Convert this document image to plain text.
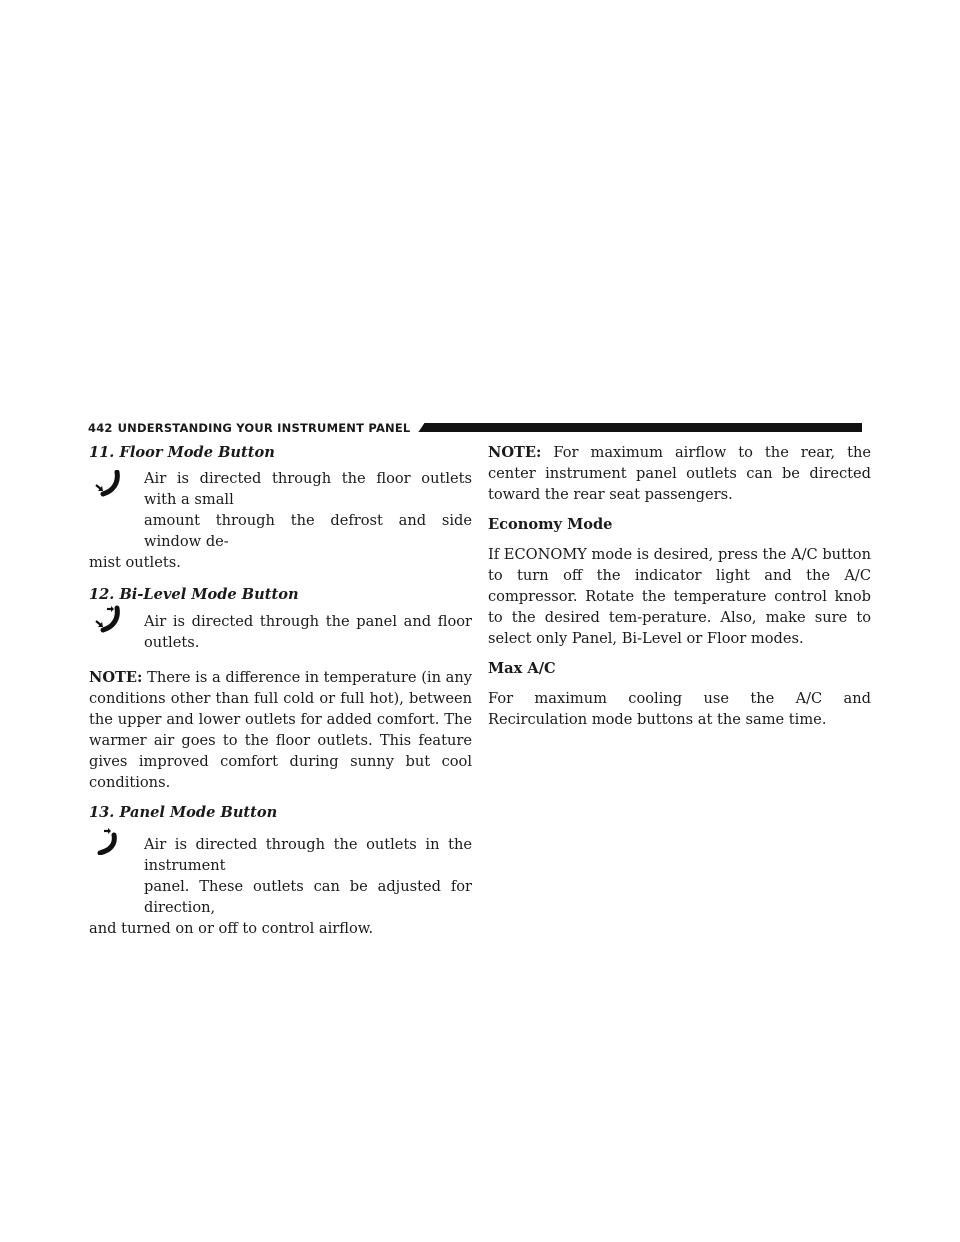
442 UNDERSTANDING YOUR INSTRUMENT PANEL
11. Floor Mode Button

Air is directed through the floor outlets with a small

amount through the defrost and side window de-

mist outlets.

12. Bi-Level Mode Button

Air is directed through the panel and floor outlets.

NOTE: There is a difference in temperature (in any conditions other than full cold or full hot), between the upper and lower outlets for added comfort. The warmer air goes to the floor outlets. This feature gives improved comfort during sunny but cool conditions.

13. Panel Mode Button

Air is directed through the outlets in the instrument

panel. These outlets can be adjusted for direction,

and turned on or off to control airflow.

NOTE: For maximum airflow to the rear, the center instrument panel outlets can be directed toward the rear seat passengers.

Economy Mode

If ECONOMY mode is desired, press the A/C button to turn off the indicator light and the A/C compressor. Rotate the temperature control knob to the desired tem-perature. Also, make sure to select only Panel, Bi-Level or Floor modes.

Max A/C

For maximum cooling use the A/C and Recirculation mode buttons at the same time.
